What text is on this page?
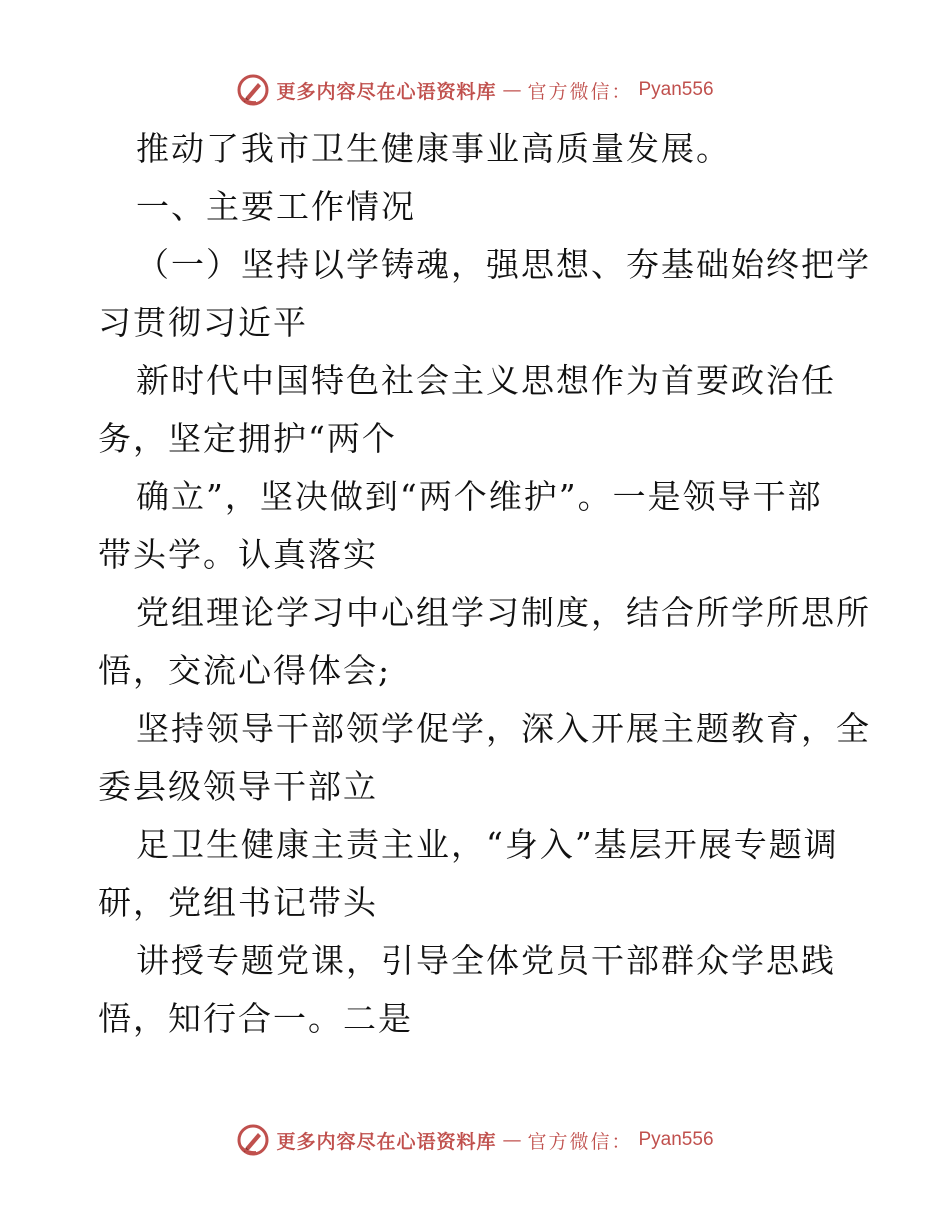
更多内容尽在心语资料库 — 官方微信： Pyan556
推动了我市卫生健康事业高质量发展。
一、主要工作情况
（一）坚持以学铸魂，强思想、夯基础始终把学
习贯彻习近平
新时代中国特色社会主义思想作为首要政治任
务，坚定拥护“两个
确立”，坚决做到“两个维护”。一是领导干部
带头学。认真落实
党组理论学习中心组学习制度，结合所学所思所
悟，交流心得体会;
坚持领导干部领学促学，深入开展主题教育，全
委县级领导干部立
足卫生健康主责主业，“身入”基层开展专题调
研，党组书记带头
讲授专题党课，引导全体党员干部群众学思践
悟，知行合一。二是
更多内容尽在心语资料库 — 官方微信： Pyan556
